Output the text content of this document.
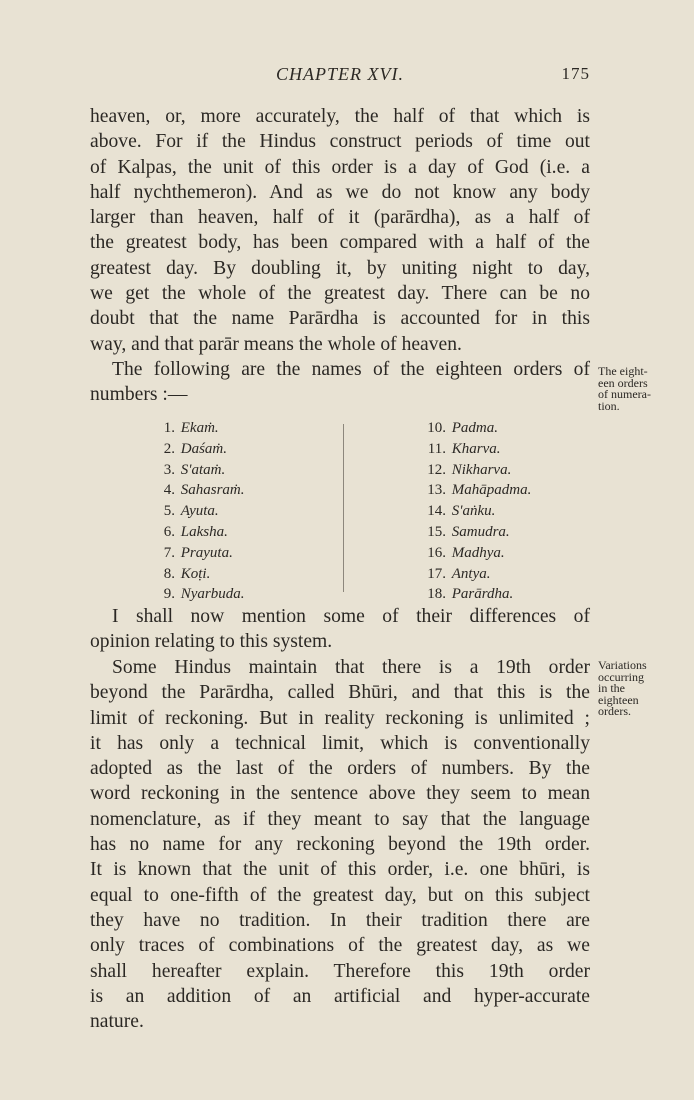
CHAPTER XVI.	175
heaven, or, more accurately, the half of that which is
above. For if the Hindus construct periods of time out
of Kalpas, the unit of this order is a day of God (i.e. a
half nychthemeron). And as we do not know any body
larger than heaven, half of it (parārdha), as a half of
the greatest body, has been compared with a half of the
greatest day. By doubling it, by uniting night to day,
we get the whole of the greatest day. There can be no
doubt that the name Parārdha is accounted for in this
way, and that parār means the whole of heaven.
The following are the names of the eighteen orders of
numbers :—
1. Ekaṁ.
2. Daśaṁ.
3. S'ataṁ.
4. Sahasraṁ.
5. Ayuta.
6. Laksha.
7. Prayuta.
8. Koṭi.
9. Nyarbuda.
10. Padma.
11. Kharva.
12. Nikharva.
13. Mahāpadma.
14. S'aṅku.
15. Samudra.
16. Madhya.
17. Antya.
18. Parārdha.
I shall now mention some of their differences of
opinion relating to this system.
Some Hindus maintain that there is a 19th order
beyond the Parārdha, called Bhūri, and that this is the
limit of reckoning. But in reality reckoning is unlimited ;
it has only a technical limit, which is conventionally
adopted as the last of the orders of numbers. By the
word reckoning in the sentence above they seem to mean
nomenclature, as if they meant to say that the language
has no name for any reckoning beyond the 19th order.
It is known that the unit of this order, i.e. one bhūri, is
equal to one-fifth of the greatest day, but on this subject
they have no tradition. In their tradition there are
only traces of combinations of the greatest day, as we
shall hereafter explain. Therefore this 19th order
is an addition of an artificial and hyper-accurate
nature.
The eight-
een orders
of numera-
tion.
Variations
occurring
in the
eighteen
orders.
